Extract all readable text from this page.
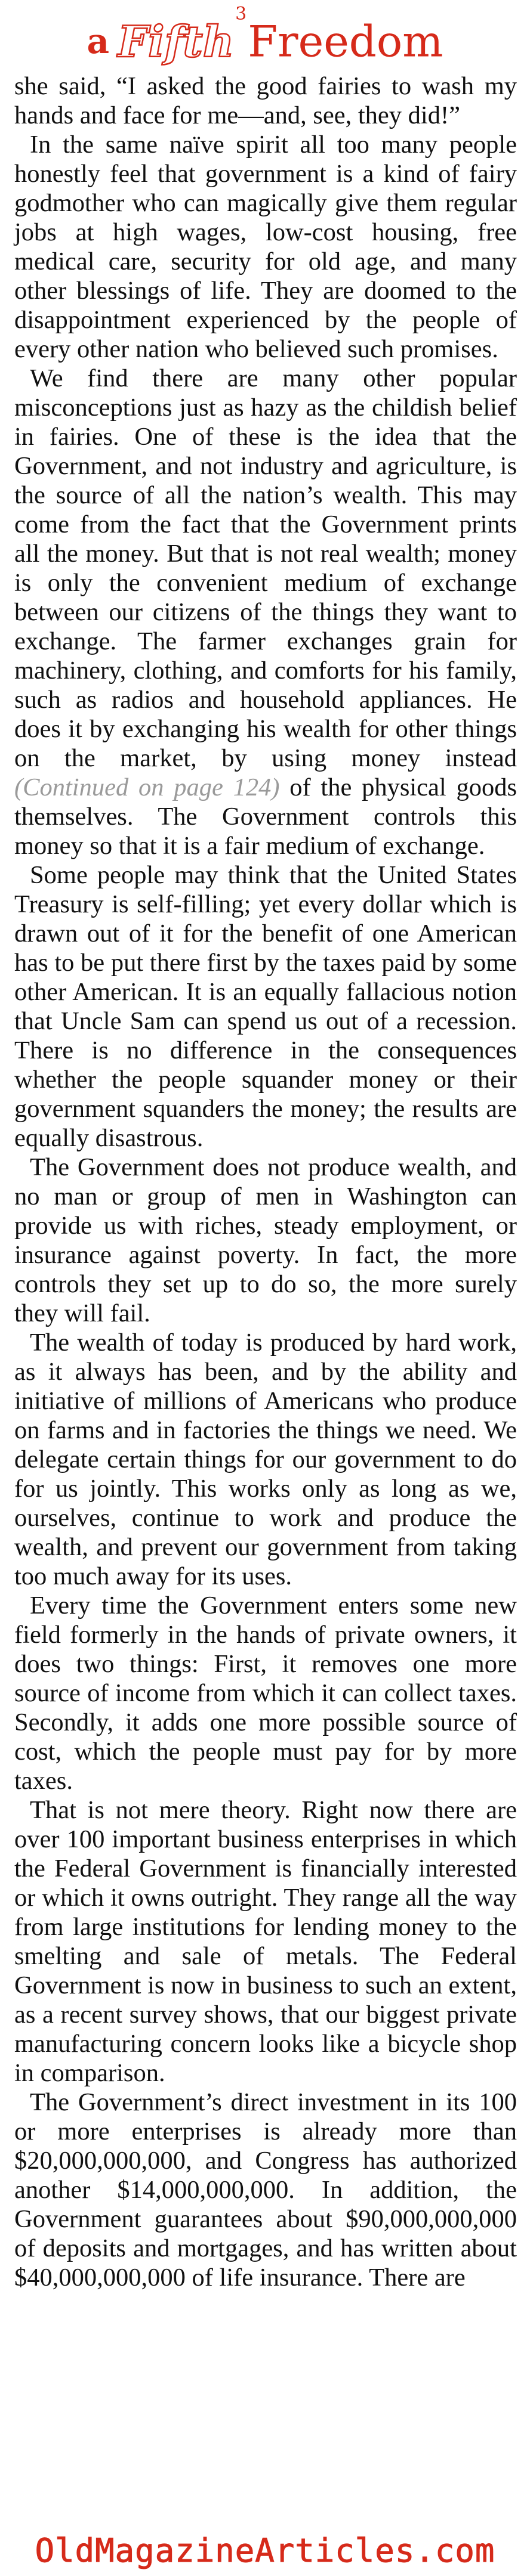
a Fifth3Freedom

she said, “I asked the good fairies to wash my hands and face for me—and, see, they did!”

In the same naïve spirit all too many people honestly feel that government is a kind of fairy godmother who can magically give them regular jobs at high wages, low-cost housing, free medical care, security for old age, and many other blessings of life. They are doomed to the disappointment experienced by the people of every other nation who believed such promises.

We find there are many other popular misconceptions just as hazy as the childish belief in fairies. One of these is the idea that the Government, and not industry and agriculture, is the source of all the nation’s wealth. This may come from the fact that the Government prints all the money. But that is not real wealth; money is only the convenient medium of exchange between our citizens of the things they want to exchange. The farmer exchanges grain for machinery, clothing, and comforts for his family, such as radios and household appliances. He does it by exchanging his wealth for other things on the market, by using money instead (Continued on page 124) of the physical goods themselves. The Government controls this money so that it is a fair medium of exchange.

Some people may think that the United States Treasury is self-filling; yet every dollar which is drawn out of it for the benefit of one American has to be put there first by the taxes paid by some other American. It is an equally fallacious notion that Uncle Sam can spend us out of a recession. There is no difference in the consequences whether the people squander money or their government squanders the money; the results are equally disastrous.

The Government does not produce wealth, and no man or group of men in Washington can provide us with riches, steady employment, or insurance against poverty. In fact, the more controls they set up to do so, the more surely they will fail.

The wealth of today is produced by hard work, as it always has been, and by the ability and initiative of millions of Americans who produce on farms and in factories the things we need. We delegate certain things for our government to do for us jointly. This works only as long as we, ourselves, continue to work and produce the wealth, and prevent our government from taking too much away for its uses.

Every time the Government enters some new field formerly in the hands of private owners, it does two things: First, it removes one more source of income from which it can collect taxes. Secondly, it adds one more possible source of cost, which the people must pay for by more taxes.

That is not mere theory. Right now there are over 100 important business enterprises in which the Federal Government is financially interested or which it owns outright. They range all the way from large institutions for lending money to the smelting and sale of metals. The Federal Government is now in business to such an extent, as a recent survey shows, that our biggest private manufacturing concern looks like a bicycle shop in comparison.

The Government’s direct investment in its 100 or more enterprises is already more than $20,000,000,000, and Congress has authorized another $14,000,000,000. In addition, the Government guarantees about $90,000,000,000 of deposits and mortgages, and has written about $40,000,000,000 of life insurance. There are

OldMagazineArticles.com
